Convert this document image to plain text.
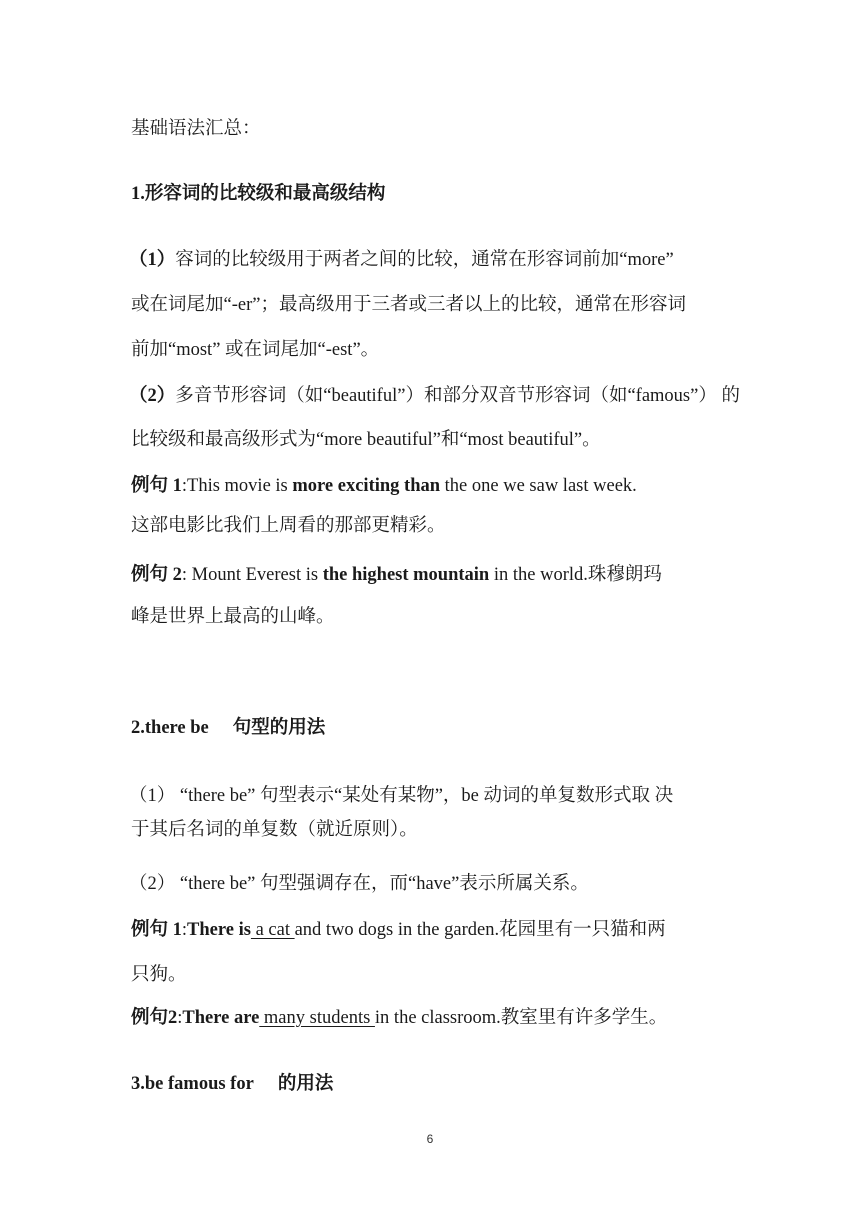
基础语法汇总：
1.形容词的比较级和最高级结构
（1）容词的比较级用于两者之间的比较，通常在形容词前加“more”
或在词尾加“-er”；最高级用于三者或三者以上的比较，通常在形容词
前加“most” 或在词尾加“-est”。
（2）多音节形容词（如“beautiful”）和部分双音节形容词（如“famous”） 的
比较级和最高级形式为“more beautiful”和“most beautiful”。
例句 1:This movie is more exciting than the one we saw last week.
这部电影比我们上周看的那部更精彩。
例句 2: Mount Everest is the highest mountain in the world.珠穆朗玛
峰是世界上最高的山峰。
2.there be 句型的用法
（1） “there be” 句型表示“某处有某物”，be 动词的单复数形式取 决
于其后名词的单复数（就近原则）。
（2） “there be” 句型强调存在，而“have”表示所属关系。
例句 1:There is a cat and two dogs in the garden.花园里有一只猫和两
只狗。
例句2:There are many students in the classroom.教室里有许多学生。
3.be famous for 的用法
6
